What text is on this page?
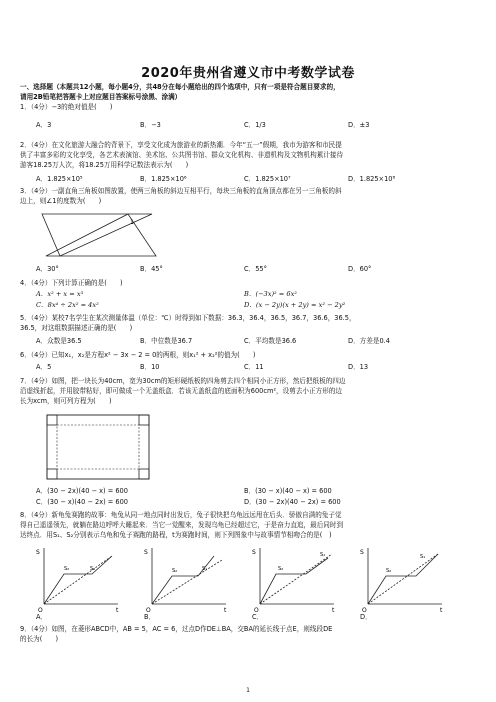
2020年贵州省遵义市中考数学试卷
一、选择题（本题共12小题，每小题4分，共48分在每小题给出的四个选项中，只有一项是符合题目要求的，
请用2B铅笔把答题卡上对应题目答案标号涂黑、涂满）
1．（4分）−3的绝对值是(　　)
A．3	B．−3	C．1/3	D．±3
2．（4分）在文化旅游大融合的背景下，享受文化成为旅游业的新热潮．今年“五一”假期，我市为游客和市民提
供了丰富多彩的文化享受，各艺术表演馆、美术馆、公共图书馆、群众文化机构、非遗机构及文物机构累计接待
游客18.25万人次，将18.25万用科学记数法表示为(　　)
A．1.825×10⁵	B．1.825×10⁶	C．1.825×10⁷	D．1.825×10⁸
3．（4分）一副直角三角板如图放置，使两三角板的斜边互相平行，每块三角板的直角顶点都在另一三角板的斜
边上，则∠1的度数为(　　)
1
A．30°	B．45°	C．55°	D．60°
4．（4分）下列计算正确的是(　　)
A．x² + x = x³	B．(−3x)² = 6x²
C．8x⁴ ÷ 2x² = 4x²	D．(x − 2y)(x + 2y) = x² − 2y²
5．（4分）某校7名学生在某次测量体温（单位：℃）时得到如下数据：36.3，36.4，36.5，36.7，36.6，36.5，
36.5，对这组数据描述正确的是(　　)
A．众数是36.5	B．中位数是36.7	C．平均数是36.6	D．方差是0.4
6．（4分）已知x₁，x₂是方程x² − 3x − 2 = 0的两根，则x₁² + x₂²的值为(　　)
A．5	B．10	C．11	D．13
7．（4分）如图，把一块长为40cm，宽为30cm的矩形硬纸板的四角剪去四个相同小正方形，然后把纸板的四边
沿虚线折起，并用胶带粘好，即可做成一个无盖纸盒．若该无盖纸盒的底面积为600cm²，设剪去小正方形的边
长为xcm，则可列方程为(　　)
A．(30 − 2x)(40 − x) = 600	B．(30 − x)(40 − x) = 600
C．(30 − x)(40 − 2x) = 600	D．(30 − 2x)(40 − 2x) = 600
8．（4分）新龟兔赛跑的故事：龟兔从同一地点同时出发后，兔子很快把乌龟远远甩在后头．骄傲自满的兔子觉
得自己遥遥领先，就躺在路边呼呼大睡起来．当它一觉醒来，发现乌龟已经超过它，于是奋力直追，最后同时到
达终点．用S₁、S₂分别表示乌龟和兔子赛跑的路程，t为赛跑时间，则下列图象中与故事情节相吻合的是(　)
S
t
O
S₂	S₁
S
t
O
S₂	S₁
S
t
O
S₂
S₁	S
t
O
S₂
S₁
A．	B．	C．	D．
9．（4分）如图，在菱形ABCD中，AB = 5，AC = 6，过点D作DE⊥BA，交BA的延长线于点E，则线段DE
的长为(　　)
1
